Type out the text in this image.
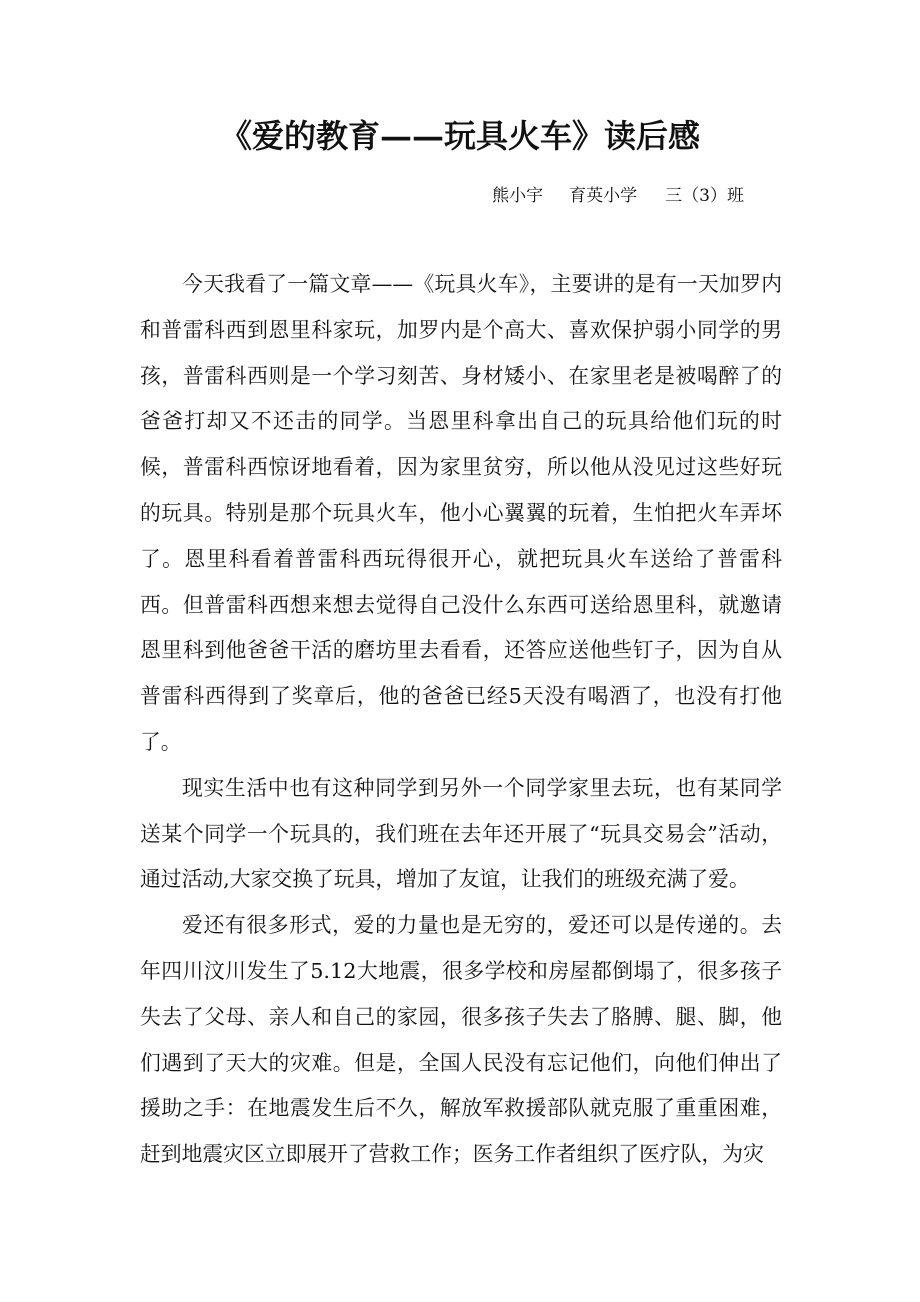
《爱的教育——玩具火车》读后感
熊小宇 育英小学 三（3）班

今天我看了一篇文章——《玩具火车》，主要讲的是有一天加罗内和普雷科西到恩里科家玩，加罗内是个高大、喜欢保护弱小同学的男孩，普雷科西则是一个学习刻苦、身材矮小、在家里老是被喝醉了的爸爸打却又不还击的同学。当恩里科拿出自己的玩具给他们玩的时候，普雷科西惊讶地看着，因为家里贫穷，所以他从没见过这些好玩的玩具。特别是那个玩具火车，他小心翼翼的玩着，生怕把火车弄坏了。恩里科看着普雷科西玩得很开心，就把玩具火车送给了普雷科西。但普雷科西想来想去觉得自己没什么东西可送给恩里科，就邀请恩里科到他爸爸干活的磨坊里去看看，还答应送他些钉子，因为自从普雷科西得到了奖章后，他的爸爸已经5天没有喝酒了，也没有打他了。

现实生活中也有这种同学到另外一个同学家里去玩，也有某同学送某个同学一个玩具的，我们班在去年还开展了“玩具交易会”活动，通过活动,大家交换了玩具，增加了友谊，让我们的班级充满了爱。

爱还有很多形式，爱的力量也是无穷的，爱还可以是传递的。去年四川汶川发生了5.12大地震，很多学校和房屋都倒塌了，很多孩子失去了父母、亲人和自己的家园，很多孩子失去了胳膊、腿、脚，他们遇到了天大的灾难。但是，全国人民没有忘记他们，向他们伸出了援助之手：在地震发生后不久，解放军救援部队就克服了重重困难，赶到地震灾区立即展开了营救工作；医务工作者组织了医疗队，为灾
